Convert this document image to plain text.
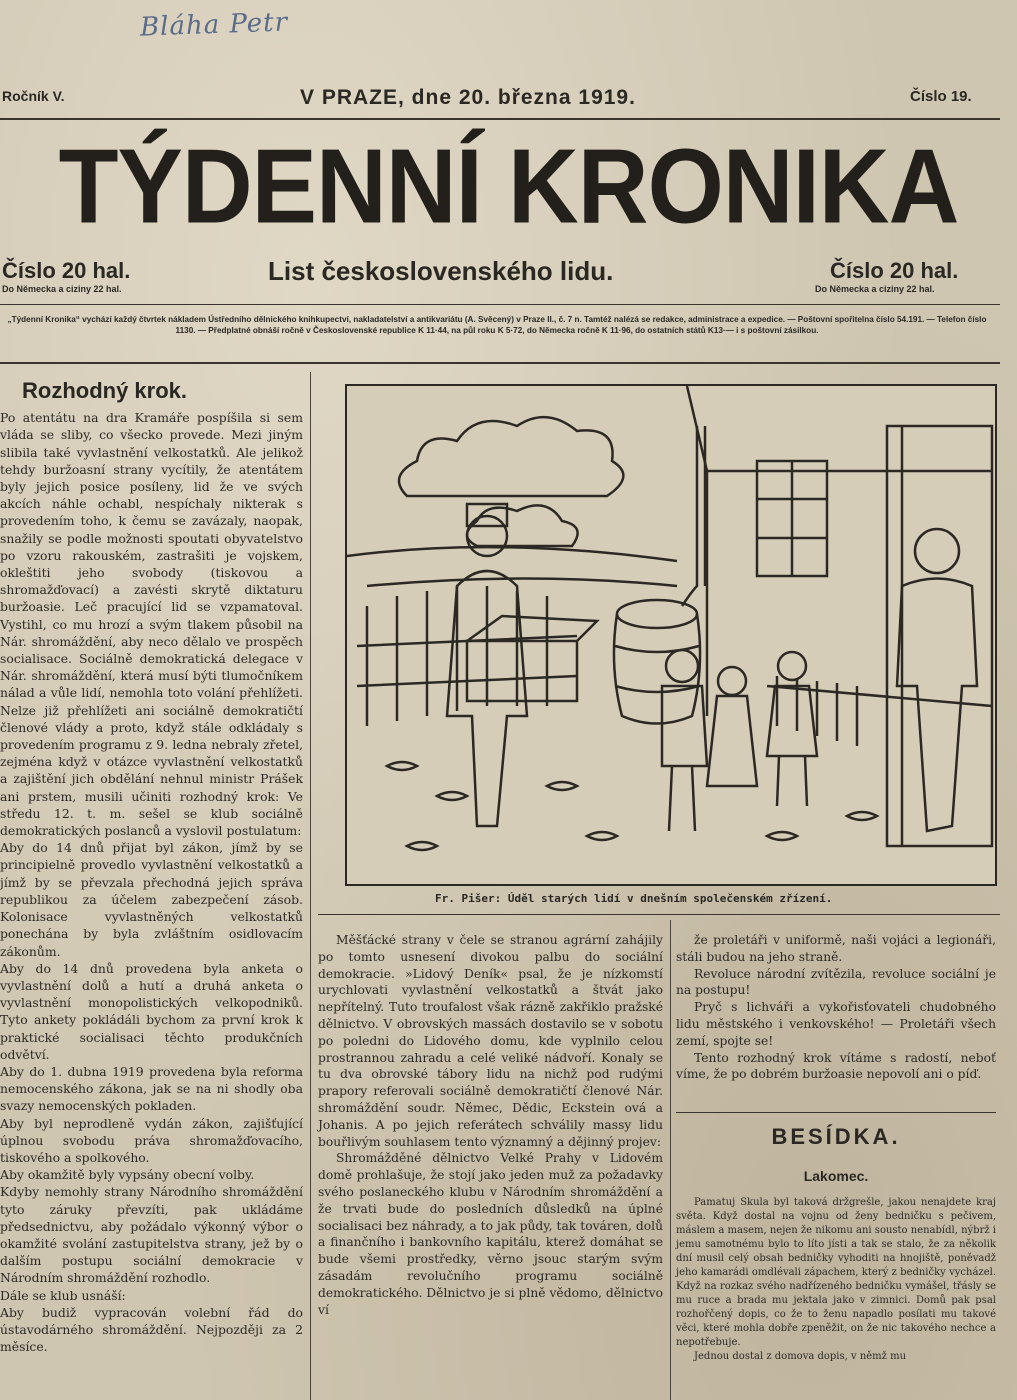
Bláha Petr
Ročník V.	V PRAZE, dne 20. března 1919.	Číslo 19.
TÝDENNÍ KRONIKA
Číslo 20 hal.
Do Německa a ciziny 22 hal.
List československého lidu.	Číslo 20 hal.
Do Německa a ciziny 22 hal.
„Týdenní Kronika“ vychází každý čtvrtek nákladem Ústředního dělnického knihkupectví, nakladatelství a antikvariátu (A. Svěcený) v Praze II., č. 7 n. Tamtéž nalézá se redakce, administrace a expedice. — Poštovní spořitelna číslo 54.191. — Telefon číslo 1130. — Předplatné obnáší ročně v Československé republice K 11·44, na půl roku K 5·72, do Německa ročně K 11·96, do ostatních států K13·— i s poštovní zásilkou.
Rozhodný krok.

Po atentátu na dra Kramáře pospíšila si sem vláda se sliby, co všecko provede. Mezi jiným slibila také vyvlastnění velkostatků. Ale jelikož tehdy buržoasní strany vycítily, že atentátem byly jejich posice posíleny, lid že ve svých akcích náhle ochabl, nespíchaly nikterak s provedením toho, k čemu se zavázaly, naopak, snažily se podle možnosti spoutati obyvatelstvo po vzoru rakouském, zastrašiti je vojskem, okleštiti jeho svobody (tiskovou a shromažďovací) a zavésti skrytě diktaturu buržoasie. Leč pracující lid se vzpamatoval. Vystihl, co mu hrozí a svým tlakem působil na Nár. shromáždění, aby neco dělalo ve prospěch socialisace. Sociálně demokratická delegace v Nár. shromáždění, která musí býti tlumočníkem nálad a vůle lidí, nemohla toto volání přehlížeti. Nelze již přehlížeti ani sociálně demokratičtí členové vlády a proto, když stále odkládaly s provedením programu z 9. ledna nebraly zřetel, zejména když v otázce vyvlastnění velkostatků a zajištění jich obdělání nehnul ministr Prášek ani prstem, musili učiniti rozhodný krok: Ve středu 12. t. m. sešel se klub sociálně demokratických poslanců a vyslovil postulatum:

Aby do 14 dnů přijat byl zákon, jímž by se principielně provedlo vyvlastnění velkostatků a jímž by se převzala přechodná jejich správa republikou za účelem zabezpečení zásob. Kolonisace vyvlastněných velkostatků ponechána by byla zvláštním osidlovacím zákonům.

Aby do 14 dnů provedena byla anketa o vyvlastnění dolů a hutí a druhá anketa o vyvlastnění monopolistických velkopodniků. Tyto ankety pokládáli bychom za první krok k praktické socialisaci těchto produkčních odvětví.

Aby do 1. dubna 1919 provedena byla reforma nemocenského zákona, jak se na ni shodly oba svazy nemocenských pokladen.

Aby byl neprodleně vydán zákon, zajišťující úplnou svobodu práva shromažďovacího, tiskového a spolkového.

Aby okamžitě byly vypsány obecní volby.

Kdyby nemohly strany Národního shromáždění tyto záruky převzíti, pak ukládáme předsednictvu, aby požádalo výkonný výbor o okamžité svolání zastupitelstva strany, jež by o dalším postupu sociální demokracie v Národním shromáždění rozhodlo.

Dále se klub usnáší:

Aby budiž vypracován volební řád do ústavodárného shromáždění. Nejpozději za 2 měsíce.

Fr. Pišer: Úděl starých lidí v dnešním společenském zřízení.

Měšťácké strany v čele se stranou agrární zahájily po tomto usnesení divokou palbu do sociální demokracie. »Lidový Deník« psal, že je nízkomstí urychlovati vyvlastnění velkostatků a štvát jako nepřítelný. Tuto troufalost však rázně zakřiklo pražské dělnictvo. V obrovských massách dostavilo se v sobotu po poledni do Lidového domu, kde vyplnilo celou prostrannou zahradu a celé veliké nádvoří. Konaly se tu dva obrovské tábory lidu na nichž pod rudými prapory referovali sociálně demokratičtí členové Nár. shromáždění soudr. Němec, Dědic, Eckstein ová a Johanis. A po jejich referátech schválily massy lidu bouřlivým souhlasem tento významný a dějinný projev:

Shromážděné dělnictvo Velké Prahy v Lidovém domě prohlašuje, že stojí jako jeden muž za požadavky svého poslaneckého klubu v Národním shromáždění a že trvati bude do posledních důsledků na úplné socialisaci bez náhrady, a to jak půdy, tak továren, dolů a finančního i bankovního kapitálu, kterež domáhat se bude všemi prostředky, věrno jsouc starým svým zásadám revolučního programu sociálně demokratického. Dělnictvo je si plně vědomo, dělnictvo ví

že proletáři v uniformě, naši vojáci a legionáři, stáli budou na jeho straně.

Revoluce národní zvítězila, revoluce sociální je na postupu!

Pryč s lichváři a vykořisťovateli chudobného lidu městského i venkovského! — Proletáři všech zemí, spojte se!

Tento rozhodný krok vítáme s radostí, neboť víme, že po dobrém buržoasie nepovolí ani o píď.

BESÍDKA.
Lakomec.

Pamatuj Skula byl taková držgrešle, jakou nenajdete kraj světa. Když dostal na vojnu od ženy bedničku s pečivem, máslem a masem, nejen že nikomu ani sousto nenabídl, nýbrž i jemu samotnému bylo to líto jísti a tak se stalo, že za několik dní musil celý obsah bedničky vyhoditi na hnojiště, poněvadž jeho kamarádi omdlévali zápachem, který z bedničky vycházel. Když na rozkaz svého nadřízeného bedničku vymášel, třásly se mu ruce a brada mu jektala jako v zimnici. Domů pak psal rozhořčený dopis, co že to ženu napadlo posílati mu takové věci, které mohla dobře zpeněžit, on že nic takového nechce a nepotřebuje.

Jednou dostal z domova dopis, v němž mu
